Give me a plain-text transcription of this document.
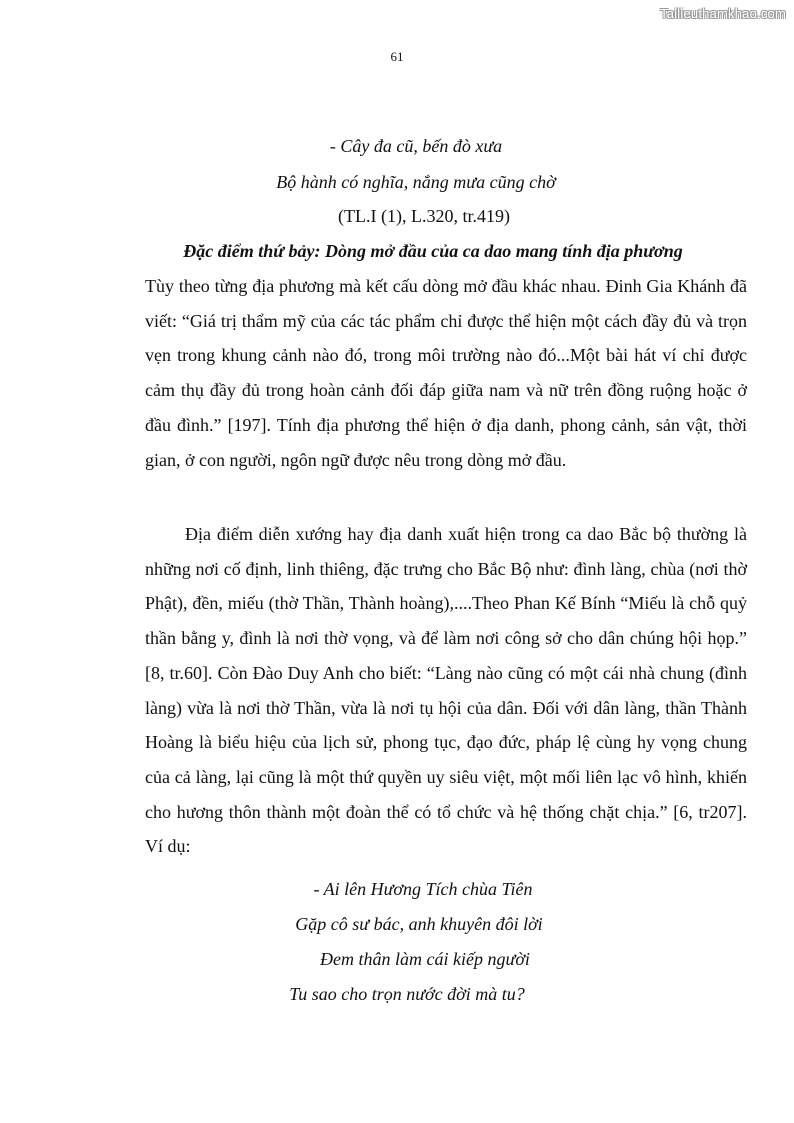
Tailieuthamkhao.com
61
- Cây đa cũ, bến đò xưa
Bộ hành có nghĩa, nắng mưa cũng chờ
(TL.I (1), L.320, tr.419)
Đặc điểm thứ bảy: Dòng mở đầu của ca dao mang tính địa phương
Tùy theo từng địa phương mà kết cấu dòng mở đầu khác nhau. Đinh Gia Khánh đã viết: “Giá trị thẩm mỹ của các tác phẩm chỉ được thể hiện một cách đầy đủ và trọn vẹn trong khung cảnh nào đó, trong môi trường nào đó...Một bài hát ví chỉ được cảm thụ đầy đủ trong hoàn cảnh đối đáp giữa nam và nữ trên đồng ruộng hoặc ở đầu đình.” [197]. Tính địa phương thể hiện ở địa danh, phong cảnh, sản vật, thời gian, ở con người, ngôn ngữ được nêu trong dòng mở đầu.
Địa điểm diễn xướng hay địa danh xuất hiện trong ca dao Bắc bộ thường là những nơi cố định, linh thiêng, đặc trưng cho Bắc Bộ như: đình làng, chùa (nơi thờ Phật), đền, miếu (thờ Thần, Thành hoàng),....Theo Phan Kế Bính “Miếu là chỗ quỷ thần bằng y, đình là nơi thờ vọng, và để làm nơi công sở cho dân chúng hội họp.” [8, tr.60]. Còn Đào Duy Anh cho biết: “Làng nào cũng có một cái nhà chung (đình làng) vừa là nơi thờ Thần, vừa là nơi tụ hội của dân. Đối với dân làng, thần Thành Hoàng là biểu hiệu của lịch sử, phong tục, đạo đức, pháp lệ cùng hy vọng chung của cả làng, lại cũng là một thứ quyền uy siêu việt, một mối liên lạc vô hình, khiến cho hương thôn thành một đoàn thể có tổ chức và hệ thống chặt chịa.” [6, tr207]. Ví dụ:
- Ai lên Hương Tích chùa Tiên
Gặp cô sư bác, anh khuyên đôi lời
Đem thân làm cái kiếp người
Tu sao cho trọn nước đời mà tu?
